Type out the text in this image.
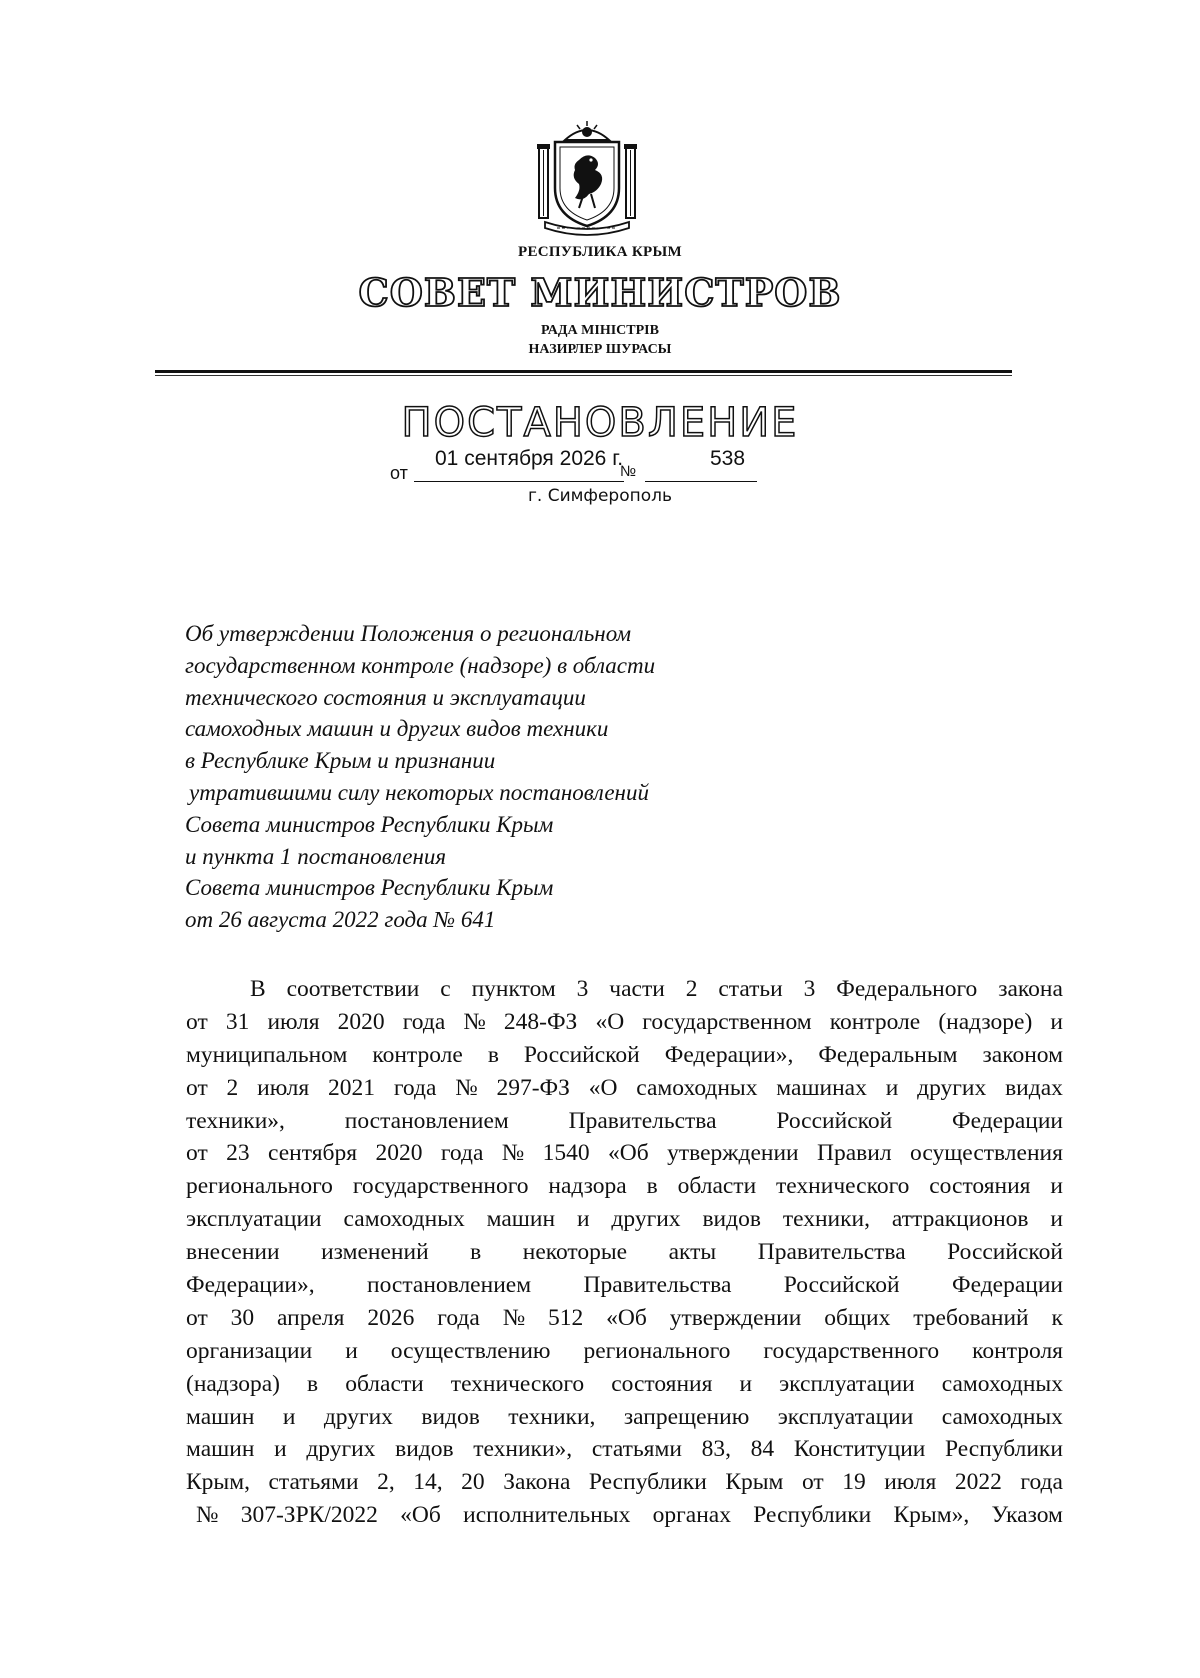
РЕСПУБЛИКА КРЫМ
СОВЕТ МИНИСТРОВ
РАДА МІНІСТРІВ
НАЗИРЛЕР ШУРАСЫ
ПОСТАНОВЛЕНИЕ
от
01 сентября 2026 г.
№
538
г. Симферополь
Об утверждении Положения о региональном
государственном контроле (надзоре) в области
технического состояния и эксплуатации
самоходных машин и других видов техники
в Республике Крым и признании
утратившими силу некоторых постановлений
Совета министров Республики Крым
и пункта 1 постановления
Совета министров Республики Крым
от 26 августа 2022 года № 641
В соответствии с пунктом 3 части 2 статьи 3 Федерального закона
от 31 июля 2020 года № 248-ФЗ «О государственном контроле (надзоре) и
муниципальном контроле в Российской Федерации», Федеральным законом
от 2 июля 2021 года № 297-ФЗ «О самоходных машинах и других видах
техники»,	постановлением	Правительства	Российской	Федерации
от 23 сентября 2020 года № 1540 «Об утверждении Правил осуществления
регионального государственного надзора в области технического состояния и
эксплуатации самоходных машин и других видов техники, аттракционов и
внесении изменений в некоторые акты Правительства Российской
Федерации», постановлением Правительства Российской Федерации
от 30 апреля 2026 года № 512 «Об утверждении общих требований к
организации и осуществлению регионального государственного контроля
(надзора) в области технического состояния и эксплуатации самоходных
машин и других видов техники, запрещению эксплуатации самоходных
машин и других видов техники», статьями 83, 84 Конституции Республики
Крым, статьями 2, 14, 20 Закона Республики Крым от 19 июля 2022 года
№ 307-ЗРК/2022 «Об исполнительных органах Республики Крым», Указом
